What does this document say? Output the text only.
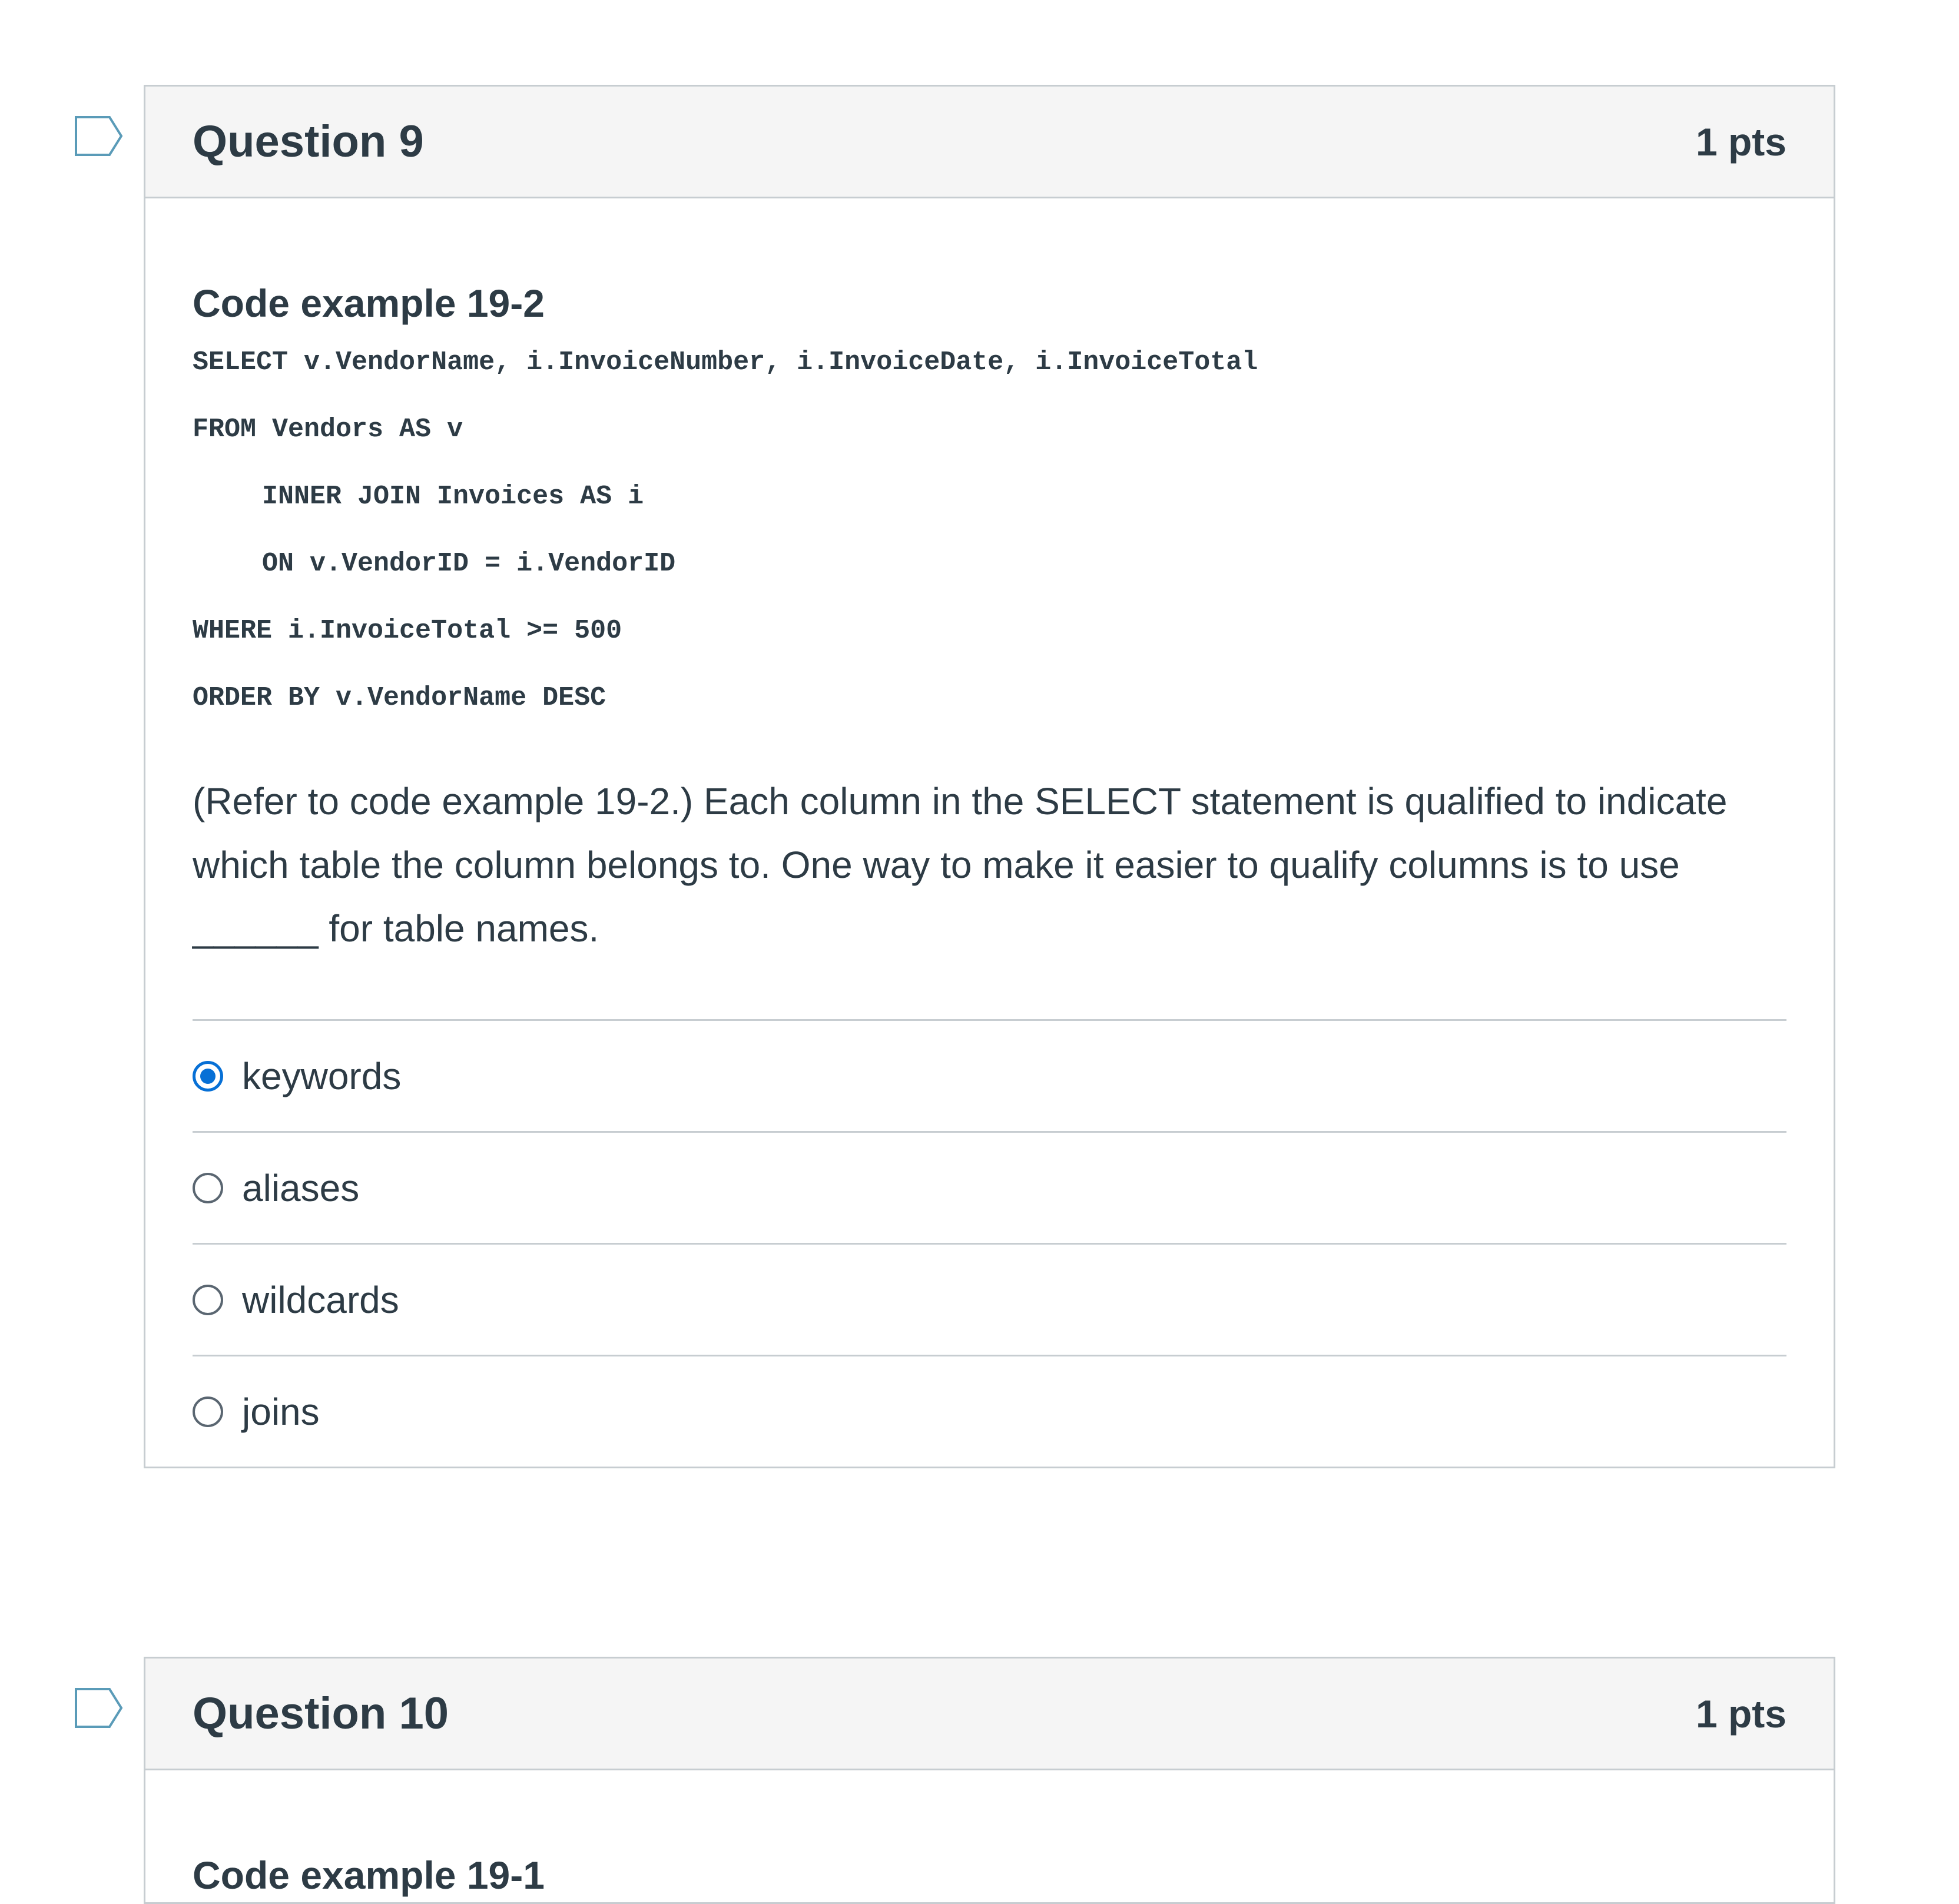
Question 9	1 pts
Code example 19-2
SELECT v.VendorName, i.InvoiceNumber, i.InvoiceDate, i.InvoiceTotal
FROM Vendors AS v
INNER JOIN Invoices AS i
ON v.VendorID = i.VendorID
WHERE i.InvoiceTotal >= 500
ORDER BY v.VendorName DESC
(Refer to code example 19-2.) Each column in the SELECT statement is qualified to indicate which table the column belongs to. One way to make it easier to qualify columns is to use ______ for table names.
keywords
aliases
wildcards
joins
Question 10	1 pts
Code example 19-1
